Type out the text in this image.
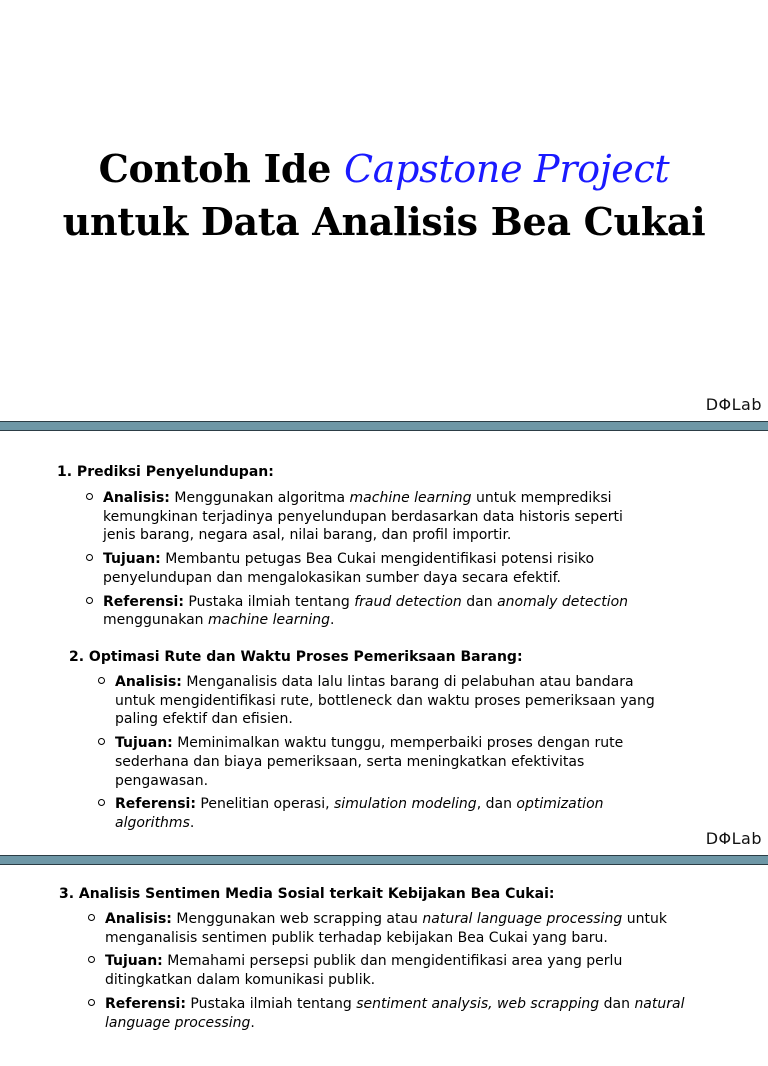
Contoh Ide Capstone Project
untuk Data Analisis Bea Cukai
DΦLab
1. Prediksi Penyelundupan:
Analisis: Menggunakan algoritma machine learning untuk memprediksi kemungkinan terjadinya penyelundupan berdasarkan data historis seperti jenis barang, negara asal, nilai barang, dan profil importir.
Tujuan: Membantu petugas Bea Cukai mengidentifikasi potensi risiko penyelundupan dan mengalokasikan sumber daya secara efektif.
Referensi: Pustaka ilmiah tentang fraud detection dan anomaly detection menggunakan machine learning.
2. Optimasi Rute dan Waktu Proses Pemeriksaan Barang:
Analisis: Menganalisis data lalu lintas barang di pelabuhan atau bandara untuk mengidentifikasi rute, bottleneck dan waktu proses pemeriksaan yang paling efektif dan efisien.
Tujuan: Meminimalkan waktu tunggu, memperbaiki proses dengan rute sederhana dan biaya pemeriksaan, serta meningkatkan efektivitas pengawasan.
Referensi: Penelitian operasi, simulation modeling, dan optimization algorithms.
DΦLab
3. Analisis Sentimen Media Sosial terkait Kebijakan Bea Cukai:
Analisis: Menggunakan web scrapping atau natural language processing untuk menganalisis sentimen publik terhadap kebijakan Bea Cukai yang baru.
Tujuan: Memahami persepsi publik dan mengidentifikasi area yang perlu ditingkatkan dalam komunikasi publik.
Referensi: Pustaka ilmiah tentang sentiment analysis, web scrapping dan natural language processing.
